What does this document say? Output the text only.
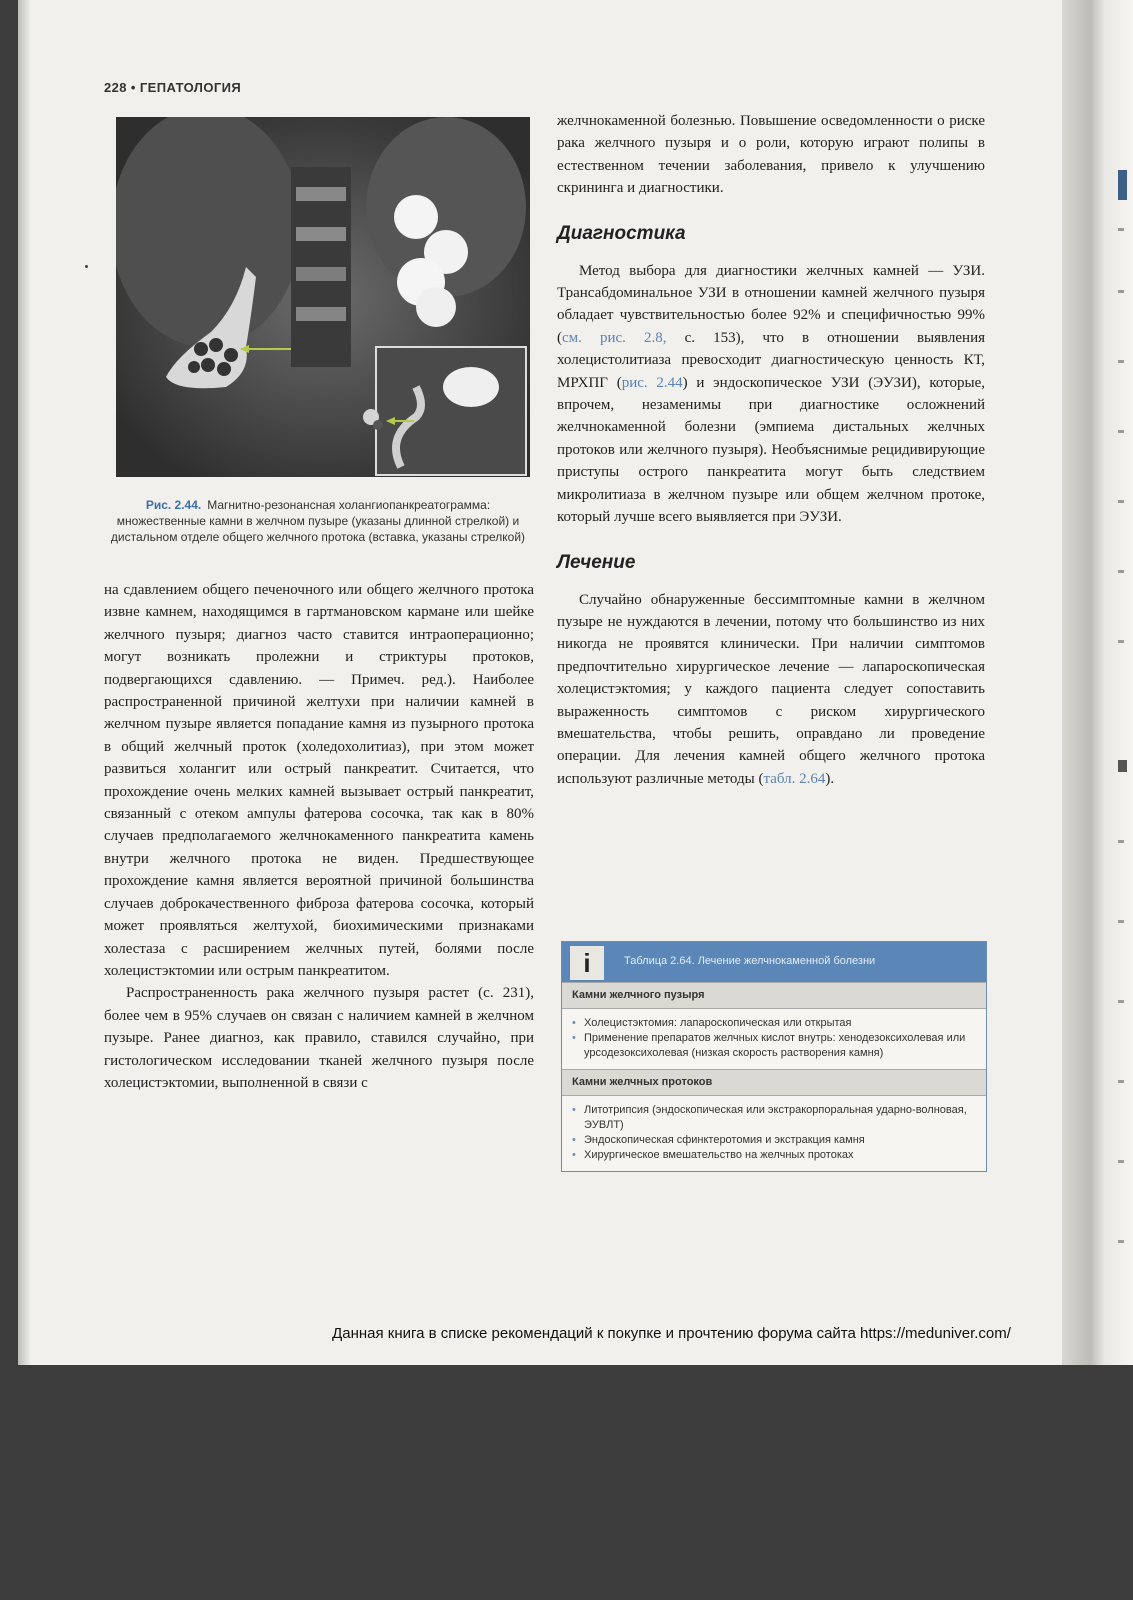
228 • ГЕПАТОЛОГИЯ
Рис. 2.44. Магнитно-резонансная холангиопанкреатограмма: множественные камни в желчном пузыре (указаны длинной стрелкой) и дистальном отделе общего желчного протока (вставка, указаны стрелкой)

на сдавлением общего печеночного или общего желчного протока извне камнем, находящимся в гартмановском кармане или шейке желчного пузыря; диагноз часто ставится интраоперационно; могут возникать пролежни и стриктуры протоков, подвергающихся сдавлению. — Примеч. ред.). Наиболее распространенной причиной желтухи при наличии камней в желчном пузыре является попадание камня из пузырного протока в общий желчный проток (холедохолитиаз), при этом может развиться холангит или острый панкреатит. Считается, что прохождение очень мелких камней вызывает острый панкреатит, связанный с отеком ампулы фатерова сосочка, так как в 80% случаев предполагаемого желчнокаменного панкреатита камень внутри желчного протока не виден. Предшествующее прохождение камня является вероятной причиной большинства случаев доброкачественного фиброза фатерова сосочка, который может проявляться желтухой, биохимическими признаками холестаза с расширением желчных путей, болями после холецистэктомии или острым панкреатитом.

Распространенность рака желчного пузыря растет (с. 231), более чем в 95% случаев он связан с наличием камней в желчном пузыре. Ранее диагноз, как правило, ставился случайно, при гистологическом исследовании тканей желчного пузыря после холецистэктомии, выполненной в связи с

желчнокаменной болезнью. Повышение осведомленности о риске рака желчного пузыря и о роли, которую играют полипы в естественном течении заболевания, привело к улучшению скрининга и диагностики.

Диагностика

Метод выбора для диагностики желчных камней — УЗИ. Трансабдоминальное УЗИ в отношении камней желчного пузыря обладает чувствительностью более 92% и специфичностью 99% (см. рис. 2.8, с. 153), что в отношении выявления холецистолитиаза превосходит диагностическую ценность КТ, МРХПГ (рис. 2.44) и эндоскопическое УЗИ (ЭУЗИ), которые, впрочем, незаменимы при диагностике осложнений желчнокаменной болезни (эмпиема дистальных желчных протоков или желчного пузыря). Необъяснимые рецидивирующие приступы острого панкреатита могут быть следствием микролитиаза в желчном пузыре или общем желчном протоке, который лучше всего выявляется при ЭУЗИ.

Лечение

Случайно обнаруженные бессимптомные камни в желчном пузыре не нуждаются в лечении, потому что большинство из них никогда не проявятся клинически. При наличии симптомов предпочтительно хирургическое лечение — лапароскопическая холецистэктомия; у каждого пациента следует сопоставить выраженность симптомов с риском хирургического вмешательства, чтобы решить, оправдано ли проведение операции. Для лечения камней общего желчного протока используют различные методы (табл. 2.64).

i	Таблица 2.64. Лечение желчнокаменной болезни
Камни желчного пузыря
• Холецистэктомия: лапароскопическая или открытая
• Применение препаратов желчных кислот внутрь: хенодезоксихолевая или урсодезоксихолевая (низкая скорость растворения камня)
Камни желчных протоков
• Литотрипсия (эндоскопическая или экстракорпоральная ударно-волновая, ЭУВЛТ)
• Эндоскопическая сфинктеротомия и экстракция камня
• Хирургическое вмешательство на желчных протоках
Данная книга в списке рекомендаций к покупке и прочтению форума сайта https://meduniver.com/
